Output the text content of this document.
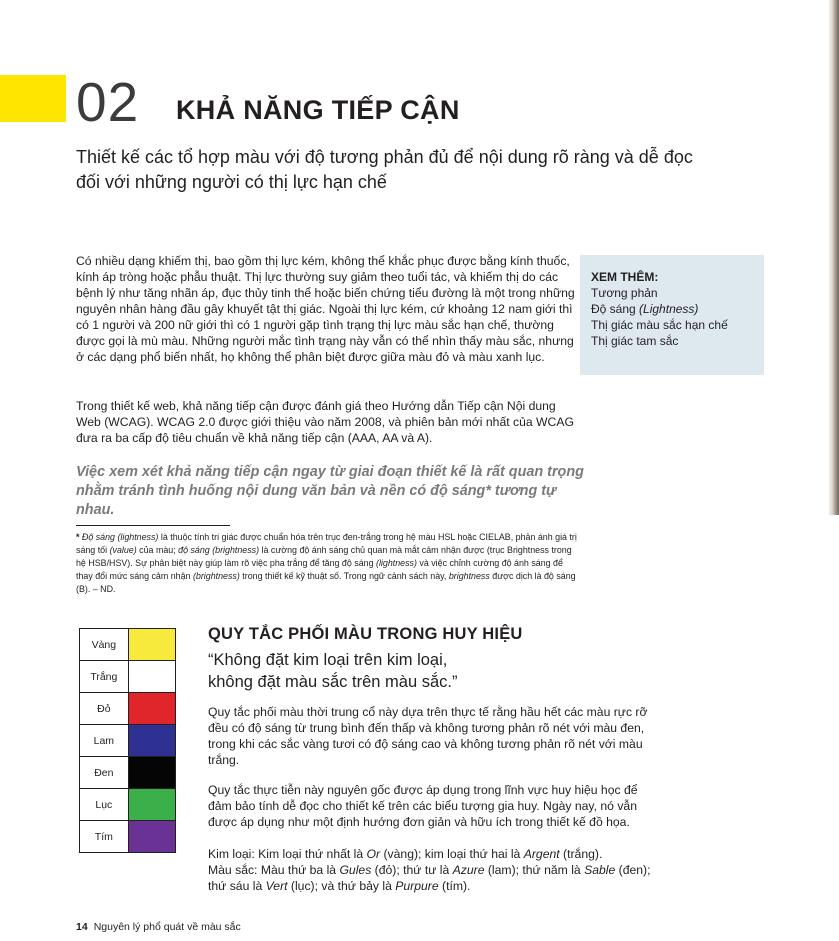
02 KHẢ NĂNG TIẾP CẬN
Thiết kế các tổ hợp màu với độ tương phản đủ để nội dung rõ ràng và dễ đọc đối với những người có thị lực hạn chế
Có nhiều dạng khiếm thị, bao gồm thị lực kém, không thể khắc phục được bằng kính thuốc, kính áp tròng hoặc phẫu thuật. Thị lực thường suy giảm theo tuổi tác, và khiếm thị do các bệnh lý như tăng nhãn áp, đục thủy tinh thể hoặc biến chứng tiểu đường là một trong những nguyên nhân hàng đầu gây khuyết tật thị giác. Ngoài thị lực kém, cứ khoảng 12 nam giới thì có 1 người và 200 nữ giới thì có 1 người gặp tình trạng thị lực màu sắc hạn chế, thường được gọi là mù màu. Những người mắc tình trạng này vẫn có thể nhìn thấy màu sắc, nhưng ở các dạng phổ biến nhất, họ không thể phân biệt được giữa màu đỏ và màu xanh lục.
Trong thiết kế web, khả năng tiếp cận được đánh giá theo Hướng dẫn Tiếp cận Nội dung Web (WCAG). WCAG 2.0 được giới thiệu vào năm 2008, và phiên bản mới nhất của WCAG đưa ra ba cấp độ tiêu chuẩn về khả năng tiếp cận (AAA, AA và A).
Việc xem xét khả năng tiếp cận ngay từ giai đoạn thiết kế là rất quan trọng nhằm tránh tình huống nội dung văn bản và nền có độ sáng* tương tự nhau.
XEM THÊM:
Tương phản
Độ sáng (Lightness)
Thị giác màu sắc hạn chế
Thị giác tam sắc
* Độ sáng (lightness) là thuộc tính tri giác được chuẩn hóa trên trục đen-trắng trong hệ màu HSL hoặc CIELAB, phản ánh giá trị sáng tối (value) của màu; độ sáng (brightness) là cường độ ánh sáng chủ quan mà mắt cảm nhận được (trục Brightness trong hệ HSB/HSV). Sự phân biệt này giúp làm rõ việc pha trắng để tăng độ sáng (lightness) và việc chỉnh cường độ ánh sáng để thay đổi mức sáng cảm nhận (brightness) trong thiết kế kỹ thuật số. Trong ngữ cảnh sách này, brightness được dịch là độ sáng (B). – ND.
Vàng	
Trắng	
Đỏ	
Lam	
Đen	
Lục	
Tím	
QUY TẮC PHỐI MÀU TRONG HUY HIỆU
“Không đặt kim loại trên kim loại,
không đặt màu sắc trên màu sắc.”
Quy tắc phối màu thời trung cổ này dựa trên thực tế rằng hầu hết các màu rực rỡ đều có độ sáng từ trung bình đến thấp và không tương phản rõ nét với màu đen, trong khi các sắc vàng tươi có độ sáng cao và không tương phản rõ nét với màu trắng.
Quy tắc thực tiễn này nguyên gốc được áp dụng trong lĩnh vực huy hiệu học để đảm bảo tính dễ đọc cho thiết kế trên các biểu tượng gia huy. Ngày nay, nó vẫn được áp dụng như một định hướng đơn giản và hữu ích trong thiết kế đồ họa.
Kim loại: Kim loại thứ nhất là Or (vàng); kim loại thứ hai là Argent (trắng).
Màu sắc: Màu thứ ba là Gules (đỏ); thứ tư là Azure (lam); thứ năm là Sable (đen); thứ sáu là Vert (lục); và thứ bảy là Purpure (tím).
14 Nguyên lý phổ quát về màu sắc
